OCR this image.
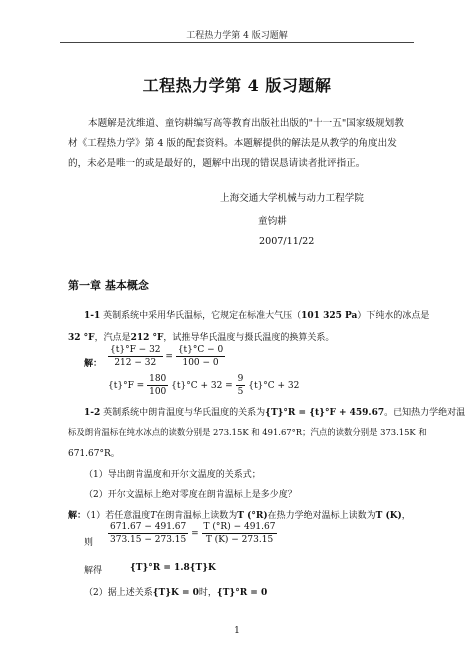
工程热力学第 4 版习题解
工程热力学第 4 版习题解
本题解是沈维道、童钧耕编写高等教育出版社出版的"十一五"国家级规划教材《工程热力学》第 4 版的配套资料。本题解提供的解法是从教学的角度出发的，未必是唯一的或是最好的，题解中出现的错误恳请读者批评指正。
上海交通大学机械与动力工程学院
童钧耕
2007/11/22
第一章 基本概念
1-1 英制系统中采用华氏温标，它规定在标准大气压（101 325 Pa）下纯水的冰点是
32 °F，汽点是212 °F，试推导华氏温度与摄氏温度的换算关系。
解： $\frac{\{t\}^\circ F - 32}{212 - 32} = \frac{\{t\}^\circ C - 0}{100 - 0}$
$\{t\}^\circ F = \frac{180}{100} \{t\}^\circ C + 32 = \frac{9}{5} \{t\}^\circ C + 32$
1-2 英制系统中朗肯温度与华氏温度的关系为{T}°R = {t}°F + 459.67。已知热力学绝对温
标及朗肯温标在纯水冰点的读数分别是 273.15K 和 491.67°R；汽点的读数分别是 373.15K 和
671.67°R。
（1）导出朗肯温度和开尔文温度的关系式；
（2）开尔文温标上绝对零度在朗肯温标上是多少度？
解：（1）若任意温度T在朗肯温标上读数为T (°R)在热力学绝对温标上读数为T (K)，
则 $\frac{671.67 - 491.67}{373.15 - 273.15} = \frac{T (^\circ R) - 491.67}{T (K) - 273.15}$
解得	{T}°R = 1.8{T}K
（2）据上述关系{T}K = 0时，{T}°R = 0
1
